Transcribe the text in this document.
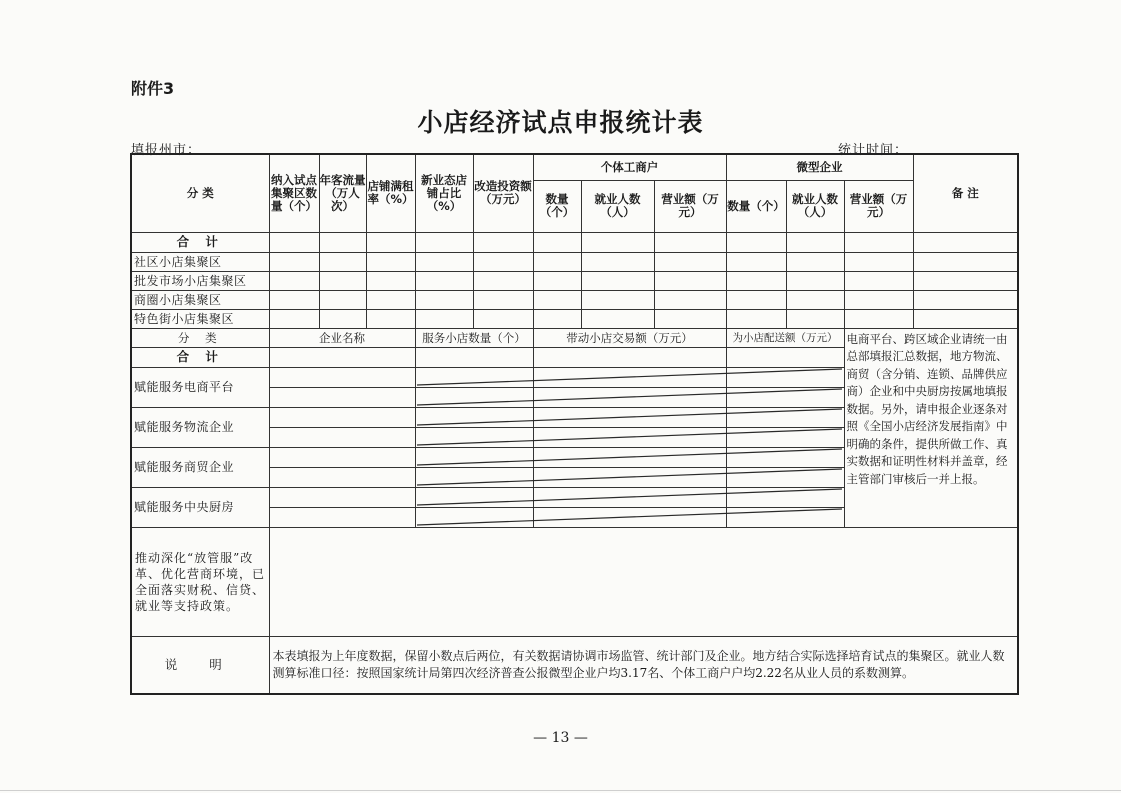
附件3
小店经济试点申报统计表
填报州市：	统计时间：
分 类	纳入试点集聚区数量（个）	年客流量（万人次）	店铺满租率（%）	新业态店铺占比（%）	改造投资额（万元）	个体工商户			微型企业			备 注
						数量（个）	就业人数（人）	营业额（万元）	数量（个）	就业人数（人）	营业额（万元）	
合 计												
社区小店集聚区												
批发市场小店集聚区												
商圈小店集聚区												
特色街小店集聚区												
分 类	企业名称			服务小店数量（个）		带动小店交易额（万元）			为小店配送额（万元）		电商平台、跨区域企业请统一由总部填报汇总数据，地方物流、商贸（含分销、连锁、品牌供应商）企业和中央厨房按属地填报数据。另外，请申报企业逐条对照《全国小店经济发展指南》中明确的条件，提供所做工作、真实数据和证明性材料并盖章，经主管部门审核后一并上报。	
合 计												
赋能服务电商平台												

赋能服务物流企业												

赋能服务商贸企业												

赋能服务中央厨房												

推动深化“放管服”改革、优化营商环境，已全面落实财税、信贷、就业等支持政策。												
说 明	本表填报为上年度数据，保留小数点后两位，有关数据请协调市场监管、统计部门及企业。地方结合实际选择培育试点的集聚区。就业人数测算标准口径：按照国家统计局第四次经济普查公报微型企业户均3.17名、个体工商户户均2.22名从业人员的系数测算。											
— 13 —
